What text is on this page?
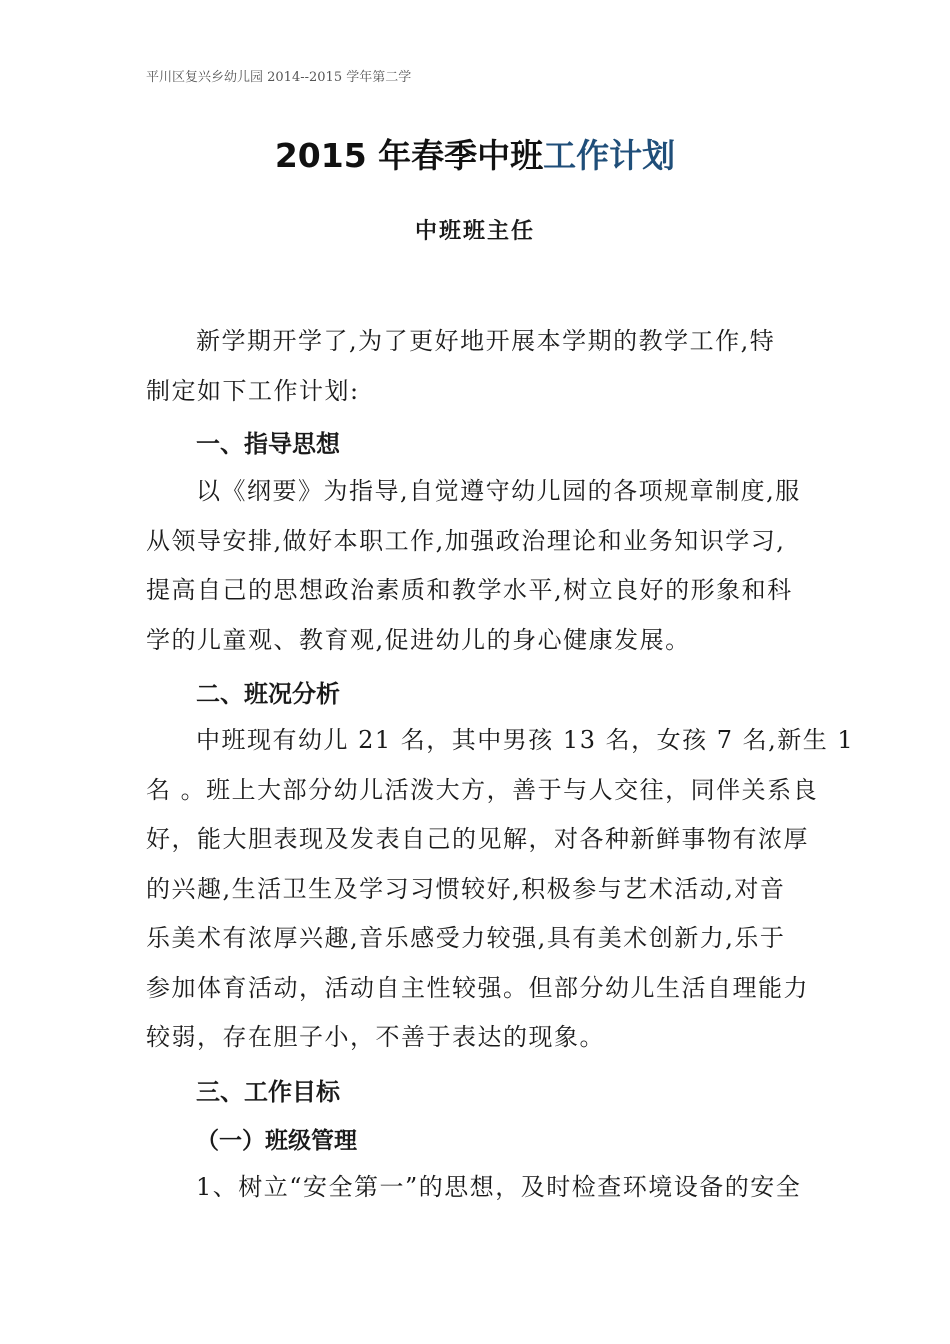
平川区复兴乡幼儿园 2014--2015 学年第二学
2015 年春季中班工作计划
中班班主任
新学期开学了,为了更好地开展本学期的教学工作,特
制定如下工作计划:
一、指导思想
以《纲要》为指导,自觉遵守幼儿园的各项规章制度,服
从领导安排,做好本职工作,加强政治理论和业务知识学习,
提高自己的思想政治素质和教学水平,树立良好的形象和科
学的儿童观、教育观,促进幼儿的身心健康发展。
二、班况分析
中班现有幼儿 21 名，其中男孩 13 名，女孩 7 名,新生 1
名 。班上大部分幼儿活泼大方，善于与人交往，同伴关系良
好，能大胆表现及发表自己的见解，对各种新鲜事物有浓厚
的兴趣,生活卫生及学习习惯较好,积极参与艺术活动,对音
乐美术有浓厚兴趣,音乐感受力较强,具有美术创新力,乐于
参加体育活动，活动自主性较强。但部分幼儿生活自理能力
较弱，存在胆子小，不善于表达的现象。
三、工作目标
（一）班级管理
1、树立“安全第一”的思想，及时检查环境设备的安全
